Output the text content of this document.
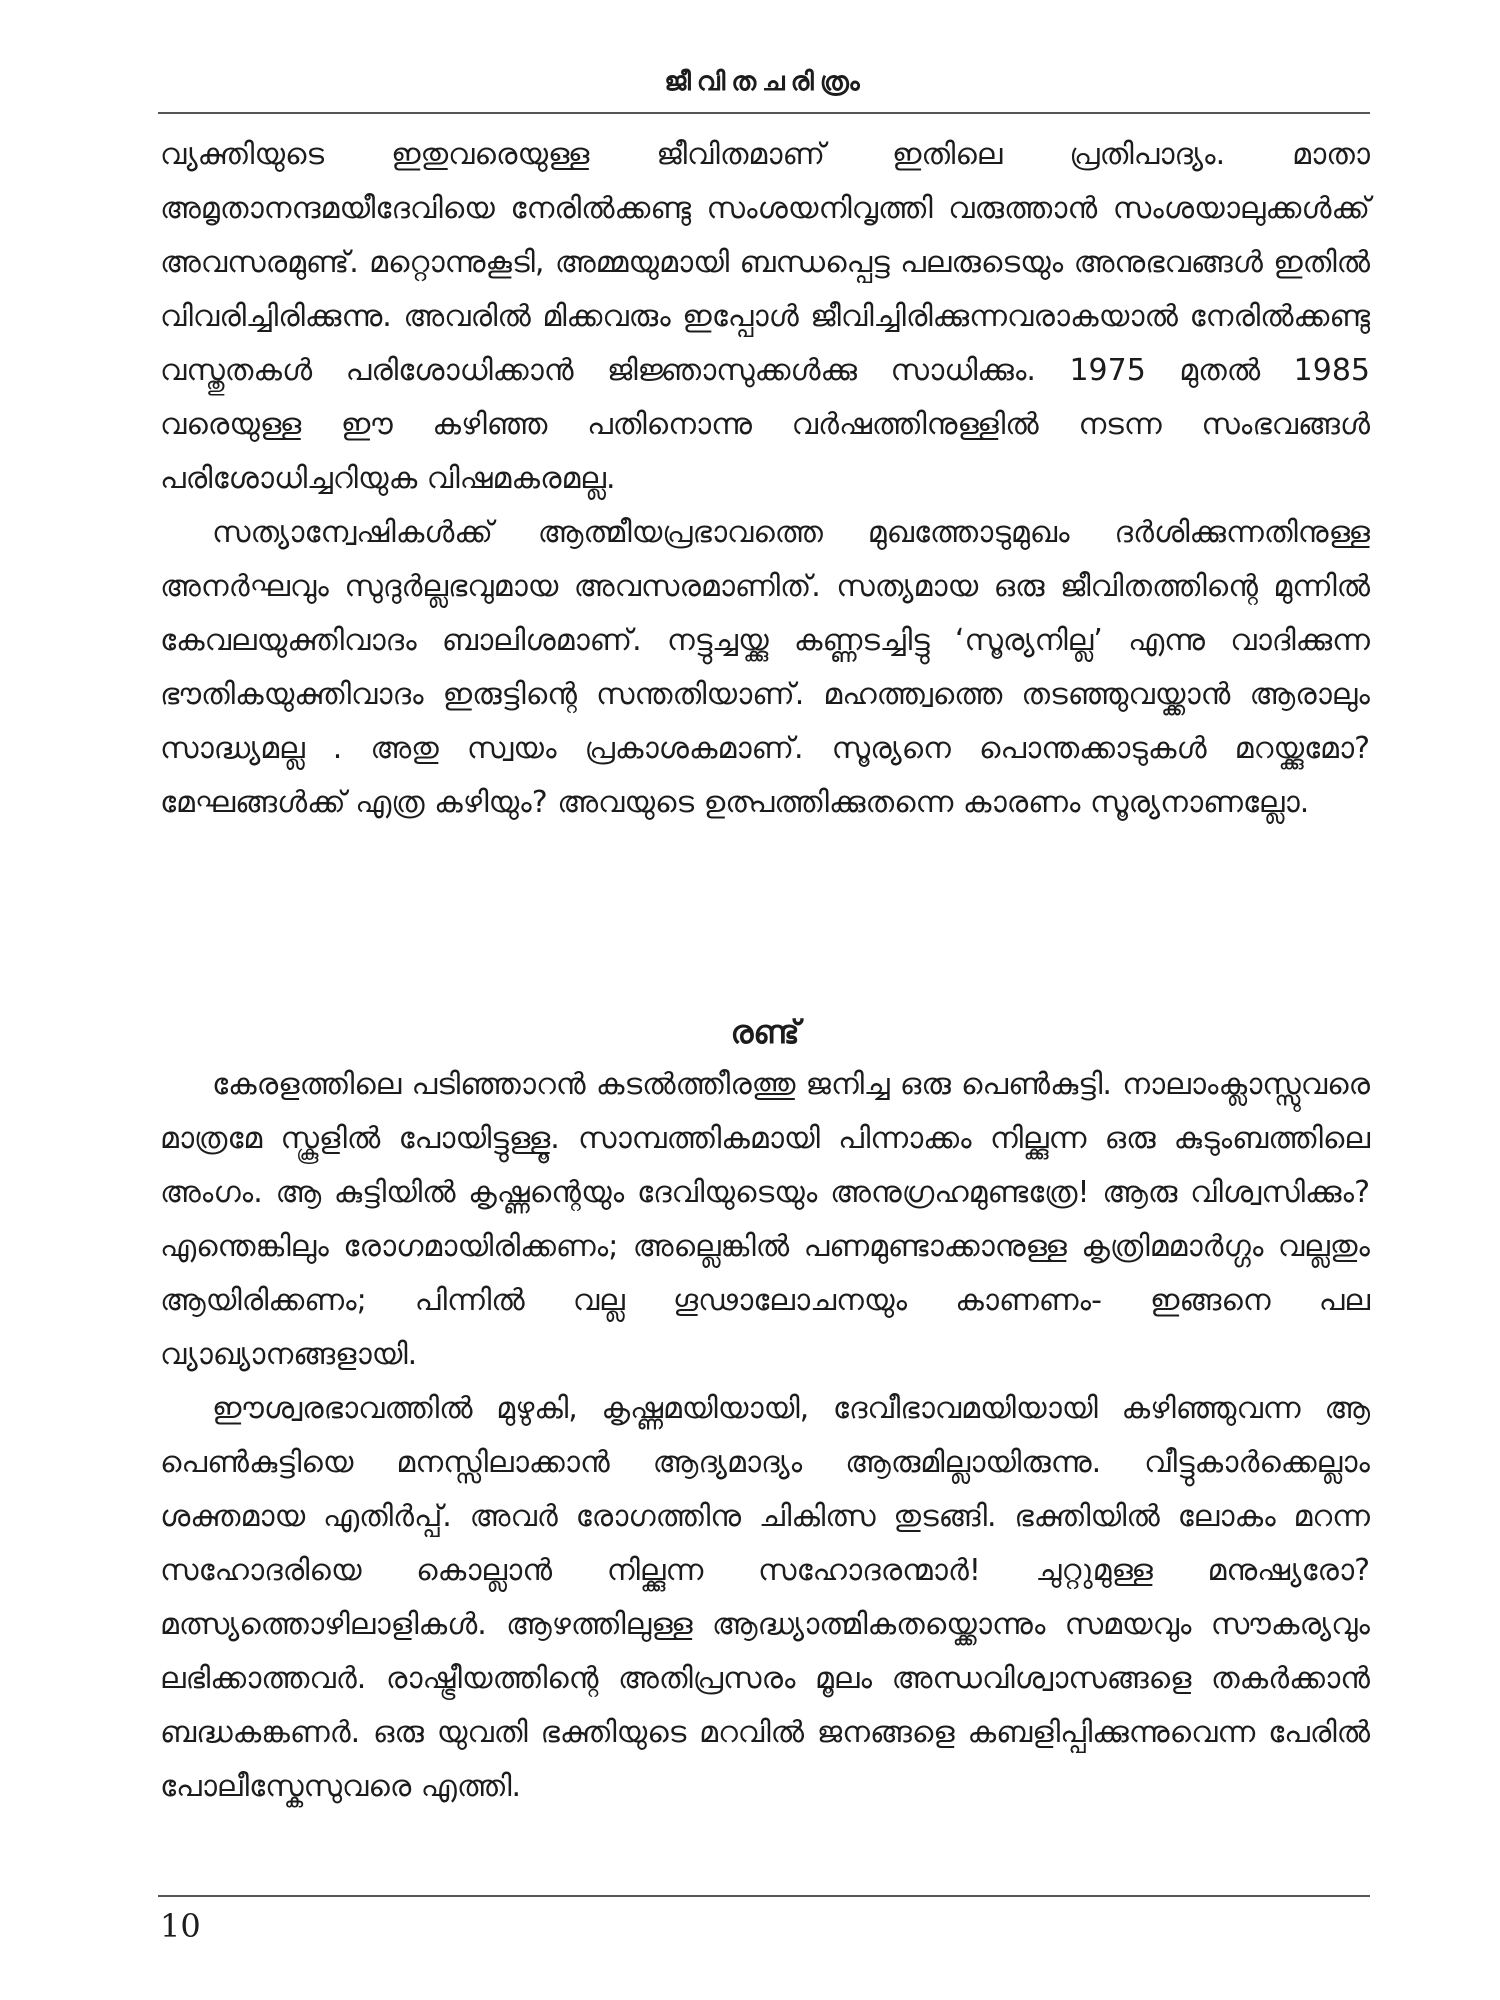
ജീവിതചരിത്രം

വ്യക്തിയുടെ ഇതുവരെയുള്ള ജീവിതമാണ് ഇതിലെ പ്രതിപാദ്യം. മാതാ അമൃതാനന്ദമയീദേവിയെ നേരിൽക്കണ്ടു സംശയനിവൃത്തി വരുത്താൻ സംശയാലുക്കൾക്ക് അവസരമുണ്ട്. മറ്റൊന്നുകൂടി, അമ്മയുമായി ബന്ധപ്പെട്ട പലരുടെയും അനുഭവങ്ങൾ ഇതിൽ വിവരിച്ചിരിക്കുന്നു. അവരിൽ മിക്കവരും ഇപ്പോൾ ജീവിച്ചിരിക്കുന്നവരാകയാൽ നേരിൽക്കണ്ടു വസ്തുതകൾ പരിശോധിക്കാൻ ജിജ്ഞാസുക്കൾക്കു സാധിക്കും. 1975 മുതൽ 1985 വരെയുള്ള ഈ കഴിഞ്ഞ പതിനൊന്നു വർഷത്തിനുള്ളിൽ നടന്ന സംഭവങ്ങൾ പരിശോധിച്ചറിയുക വിഷമകരമല്ല.

സത്യാന്വേഷികൾക്ക് ആത്മീയപ്രഭാവത്തെ മുഖത്തോടുമുഖം ദർശിക്കുന്നതിനുള്ള അനർഘവും സുദുർല്ലഭവുമായ അവസരമാണിത്. സത്യമായ ഒരു ജീവിതത്തിന്റെ മുന്നിൽ കേവലയുക്തിവാദം ബാലിശമാണ്. നട്ടുച്ചയ്ക്കു കണ്ണടച്ചിട്ടു ‘സൂര്യനില്ല’ എന്നു വാദിക്കുന്ന ഭൗതികയുക്തിവാദം ഇരുട്ടിന്റെ സന്തതിയാണ്. മഹത്ത്വത്തെ തടഞ്ഞുവയ്ക്കാൻ ആരാലും സാദ്ധ്യമല്ല . അതു സ്വയം പ്രകാശകമാണ്. സൂര്യനെ പൊന്തക്കാടുകൾ മറയ്ക്കുമോ? മേഘങ്ങൾക്ക് എത്ര കഴിയും? അവയുടെ ഉത്പത്തിക്കുതന്നെ കാരണം സൂര്യനാണല്ലോ.

രണ്ട്

കേരളത്തിലെ പടിഞ്ഞാറൻ കടൽത്തീരത്തു ജനിച്ച ഒരു പെൺകുട്ടി. നാലാംക്ലാസ്സുവരെ മാത്രമേ സ്കൂളിൽ പോയിട്ടുള്ളൂ. സാമ്പത്തികമായി പിന്നാക്കം നില്ക്കുന്ന ഒരു കുടുംബത്തിലെ അംഗം. ആ കുട്ടിയിൽ കൃഷ്ണന്റെയും ദേവിയുടെയും അനുഗ്രഹമുണ്ടത്രേ! ആരു വിശ്വസിക്കും? എന്തെങ്കിലും രോഗമായിരിക്കണം; അല്ലെങ്കിൽ പണമുണ്ടാക്കാനുള്ള കൃത്രിമമാർഗ്ഗം വല്ലതും ആയിരിക്കണം; പിന്നിൽ വല്ല ഗൂഢാലോചനയും കാണണം- ഇങ്ങനെ പല വ്യാഖ്യാനങ്ങളായി.

ഈശ്വരഭാവത്തിൽ മുഴുകി, കൃഷ്ണമയിയായി, ദേവീഭാവമയിയായി കഴിഞ്ഞുവന്ന ആ പെൺകുട്ടിയെ മനസ്സിലാക്കാൻ ആദ്യമാദ്യം ആരുമില്ലായിരുന്നു. വീട്ടുകാർക്കെല്ലാം ശക്തമായ എതിർപ്പ്. അവർ രോഗത്തിനു ചികിത്സ തുടങ്ങി. ഭക്തിയിൽ ലോകം മറന്ന സഹോദരിയെ കൊല്ലാൻ നില്ക്കുന്ന സഹോദരന്മാർ! ചുറ്റുമുള്ള മനുഷ്യരോ? മത്സ്യത്തൊഴിലാളികൾ. ആഴത്തിലുള്ള ആദ്ധ്യാത്മികതയ്ക്കൊന്നും സമയവും സൗകര്യവും ലഭിക്കാത്തവർ. രാഷ്ട്രീയത്തിന്റെ അതിപ്രസരം മൂലം അന്ധവിശ്വാസങ്ങളെ തകർക്കാൻ ബദ്ധകങ്കണർ. ഒരു യുവതി ഭക്തിയുടെ മറവിൽ ജനങ്ങളെ കബളിപ്പിക്കുന്നുവെന്ന പേരിൽ പോലീസ്കേസുവരെ എത്തി.

10
